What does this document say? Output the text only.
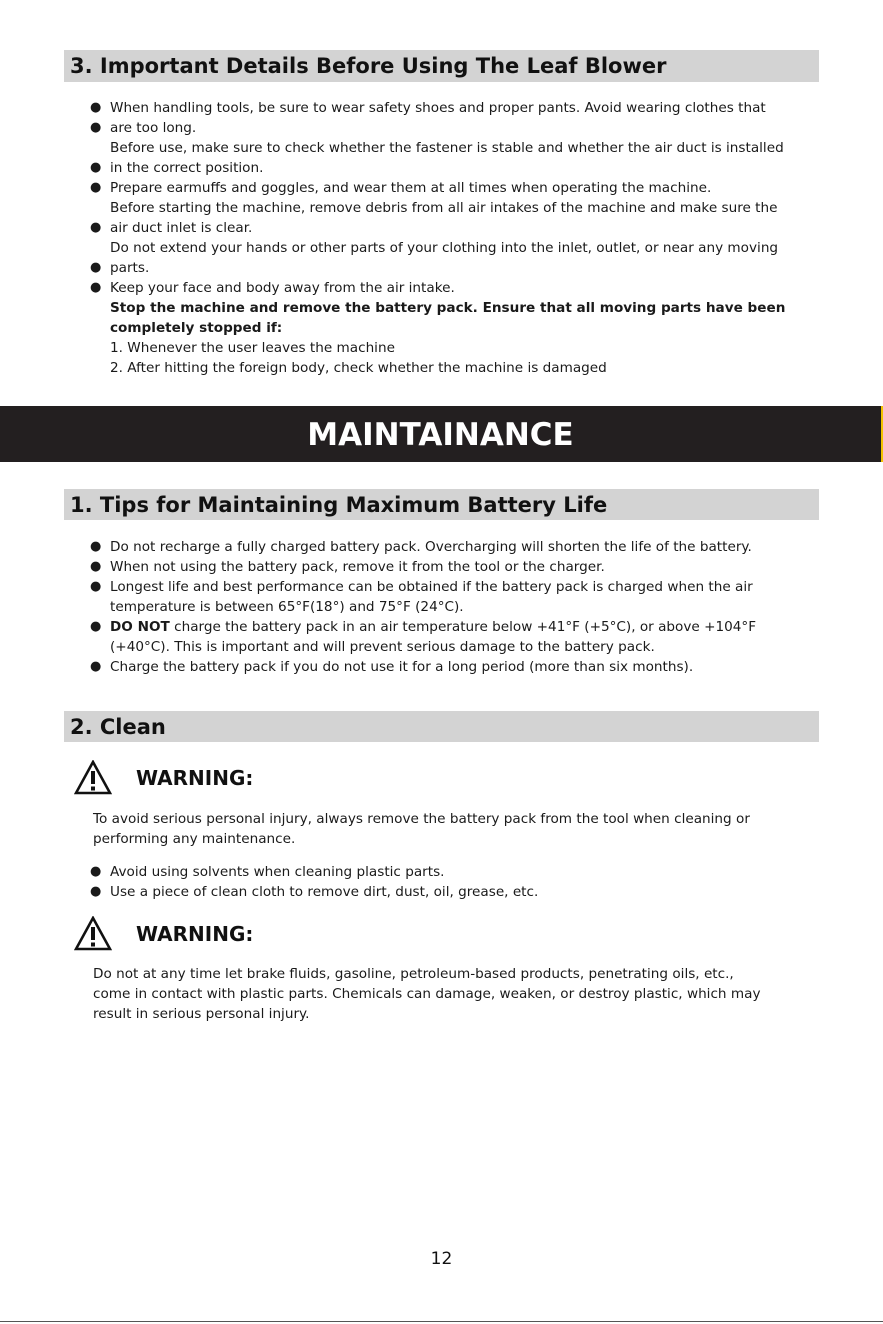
3. Important Details Before Using The Leaf Blower
● When handling tools, be sure to wear safety shoes and proper pants. Avoid wearing clothes that
● are too long.
Before use, make sure to check whether the fastener is stable and whether the air duct is installed
● in the correct position.
● Prepare earmuffs and goggles, and wear them at all times when operating the machine.
Before starting the machine, remove debris from all air intakes of the machine and make sure the
● air duct inlet is clear.
Do not extend your hands or other parts of your clothing into the inlet, outlet, or near any moving
● parts.
● Keep your face and body away from the air intake.
Stop the machine and remove the battery pack. Ensure that all moving parts have been
completely stopped if:
1. Whenever the user leaves the machine
2. After hitting the foreign body, check whether the machine is damaged
MAINTAINANCE
1. Tips for Maintaining Maximum Battery Life
● Do not recharge a fully charged battery pack. Overcharging will shorten the life of the battery.
● When not using the battery pack, remove it from the tool or the charger.
● Longest life and best performance can be obtained if the battery pack is charged when the air
temperature is between 65°F(18°) and 75°F (24°C).
● DO NOT charge the battery pack in an air temperature below +41°F (+5°C), or above +104°F
(+40°C). This is important and will prevent serious damage to the battery pack.
● Charge the battery pack if you do not use it for a long period (more than six months).
2. Clean
WARNING:
To avoid serious personal injury, always remove the battery pack from the tool when cleaning or
performing any maintenance.
● Avoid using solvents when cleaning plastic parts.
● Use a piece of clean cloth to remove dirt, dust, oil, grease, etc.
WARNING:
Do not at any time let brake fluids, gasoline, petroleum-based products, penetrating oils, etc.,
come in contact with plastic parts. Chemicals can damage, weaken, or destroy plastic, which may
result in serious personal injury.
12
